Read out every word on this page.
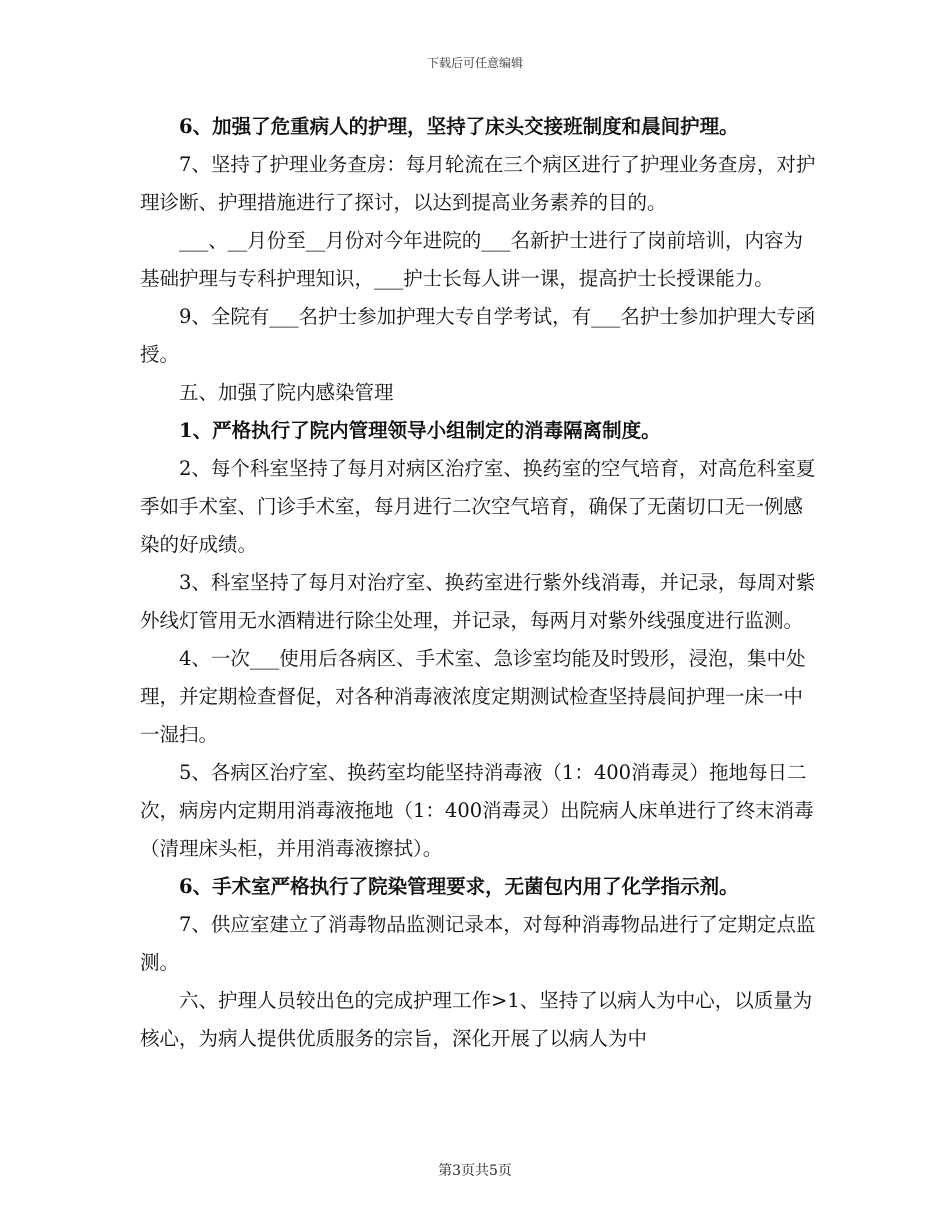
下载后可任意编辑

6、加强了危重病人的护理，坚持了床头交接班制度和晨间护理。

7、坚持了护理业务查房：每月轮流在三个病区进行了护理业务查房，对护理诊断、护理措施进行了探讨，以达到提高业务素养的目的。

___、__月份至__月份对今年进院的___名新护士进行了岗前培训，内容为基础护理与专科护理知识，___护士长每人讲一课，提高护士长授课能力。

9、全院有___名护士参加护理大专自学考试，有___名护士参加护理大专函授。

五、加强了院内感染管理

1、严格执行了院内管理领导小组制定的消毒隔离制度。

2、每个科室坚持了每月对病区治疗室、换药室的空气培育，对高危科室夏季如手术室、门诊手术室，每月进行二次空气培育，确保了无菌切口无一例感染的好成绩。

3、科室坚持了每月对治疗室、换药室进行紫外线消毒，并记录，每周对紫外线灯管用无水酒精进行除尘处理，并记录，每两月对紫外线强度进行监测。

4、一次___使用后各病区、手术室、急诊室均能及时毁形，浸泡，集中处理，并定期检查督促，对各种消毒液浓度定期测试检查坚持晨间护理一床一中一湿扫。

5、各病区治疗室、换药室均能坚持消毒液（1：400消毒灵）拖地每日二次，病房内定期用消毒液拖地（1：400消毒灵）出院病人床单进行了终末消毒（清理床头柜，并用消毒液擦拭）。

6、手术室严格执行了院染管理要求，无菌包内用了化学指示剂。

7、供应室建立了消毒物品监测记录本，对每种消毒物品进行了定期定点监测。

六、护理人员较出色的完成护理工作>1、坚持了以病人为中心，以质量为核心，为病人提供优质服务的宗旨，深化开展了以病人为中

第3页共5页
